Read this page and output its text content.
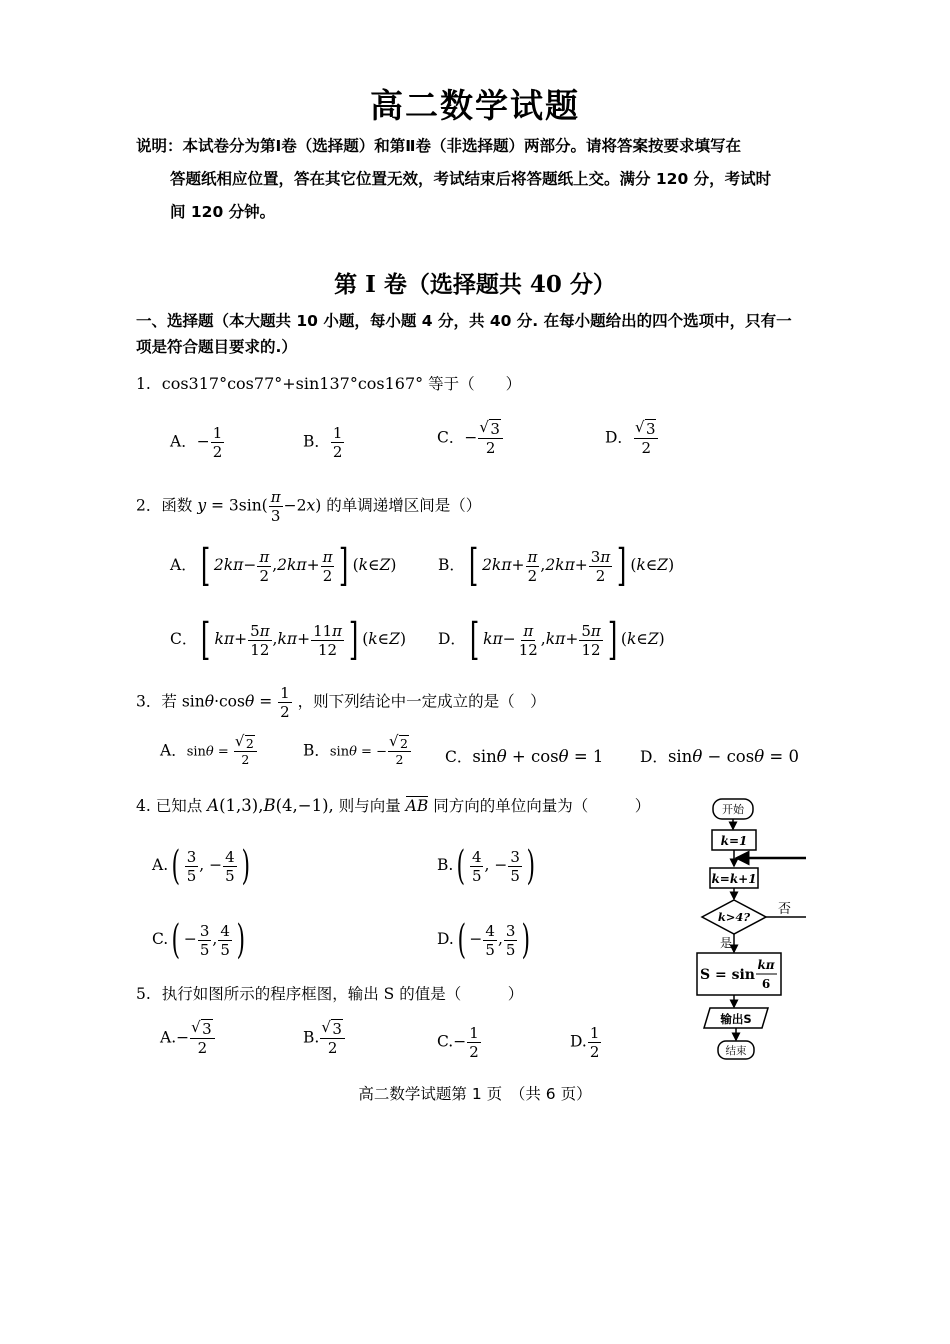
高二数学试题
说明：本试卷分为第Ⅰ卷（选择题）和第Ⅱ卷（非选择题）两部分。请将答案按要求填写在
答题纸相应位置，答在其它位置无效，考试结束后将答题纸上交。满分 120 分，考试时
间 120 分钟。
第 I 卷（选择题共 40 分）
一、选择题（本大题共 10 小题，每小题 4 分，共 40 分. 在每小题给出的四个选项中，只有一
项是符合题目要求的.）
1. cos317°cos77°+sin137°cos167° 等于（　　）
A．− $\frac{1}{2}$	B． $\frac{1}{2}$	C．− √ $\frac{3}{2}$	D． √ $\frac{3}{2}$
2．函数 $y = 3\sin( \frac{\pi}{3} -2x)$ 的单调递增区间是（）
A．[ $2k\pi- \frac{\pi}{2} ,2k\pi+ \frac{\pi}{2}$ ] (k∈Z)	B．[ $2k\pi+ \frac{\pi}{2} ,2k\pi+ \frac{3\pi}{2}$ ] (k∈Z)
C．[ $k\pi+ \frac{5\pi}{12} ,k\pi+ \frac{11\pi}{12}$ ] (k∈Z) D．[ $k\pi- \frac{\pi}{12} ,k\pi+ \frac{5\pi}{12}$ ] (k∈Z)
3．若 $\sin\theta\cdot\cos\theta = \frac{1}{2}$ ，则下列结论中一定成立的是（　）
A．sinθ = √ $\frac{2}{2}$	B．sinθ = − √ $\frac{2}{2}$ C．sinθ + cosθ = 1 D．sinθ − cosθ = 0
4. 已知点 A(1,3),B(4,−1), 则与向量 AB 同方向的单位向量为（　　　）
$A.( \frac{3}{5}$ , − $\frac{4}{5}$ )	$B.( \frac{4}{5}$ , − $\frac{3}{5}$ )
$C.( - \frac{3}{5}$ , $\frac{4}{5}$ )	$D.( - \frac{4}{5}$ , $\frac{3}{5}$ )
5. 执行如图所示的程序框图，输出 S 的值是（　　　）
A.− √ $\frac{3}{2}$	B. √ $\frac{3}{2}$	$C.- \frac{1}{2}$	D. $\frac{1}{2}$
开始
k=1
k=k+1
k>4? 否
是
S = sin
kπ
6
输出S
结束
高二数学试题第 1 页　（共 6 页）
